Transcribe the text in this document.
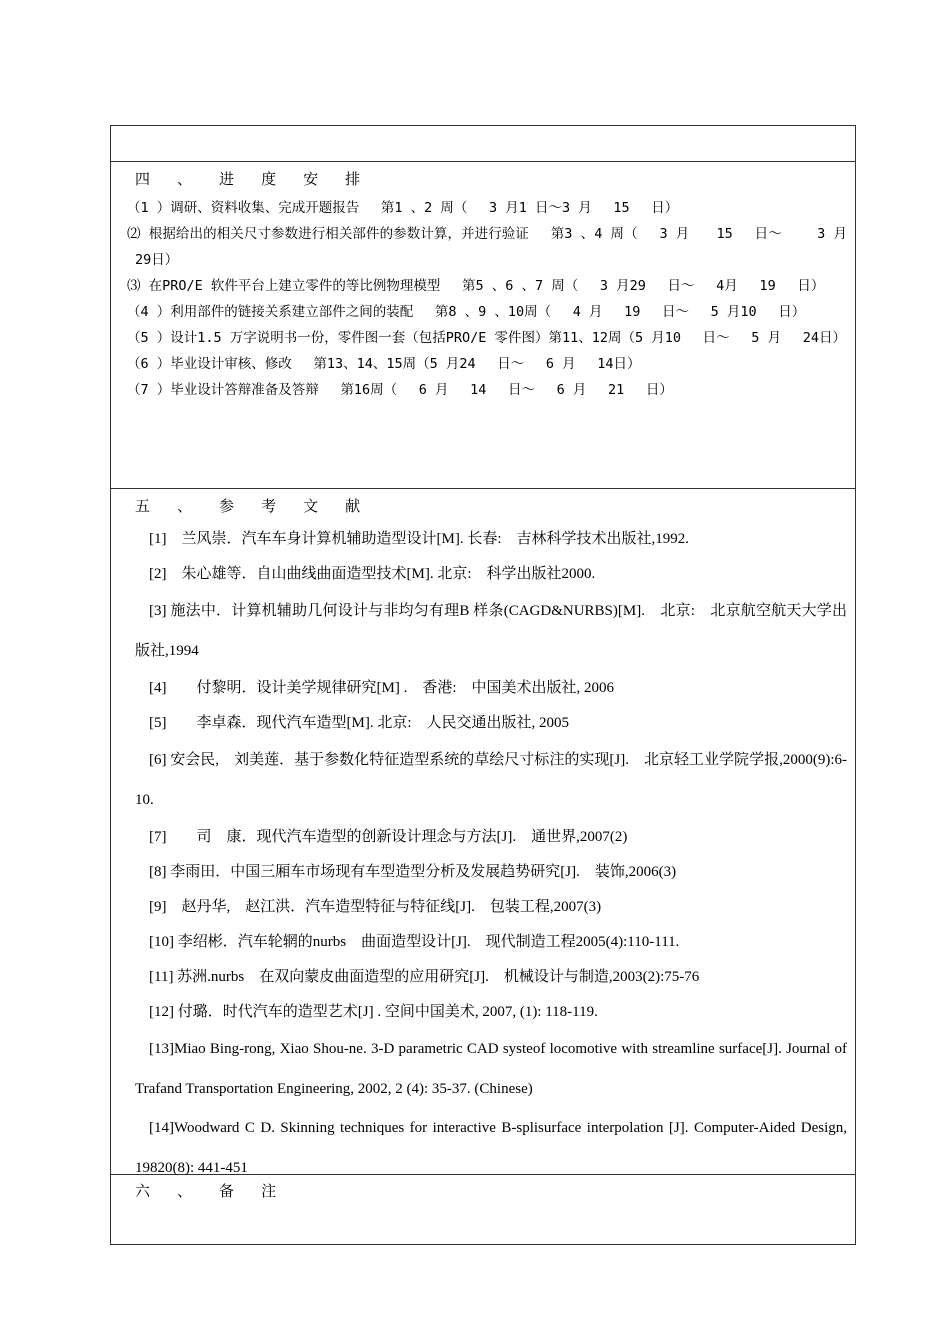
四 、 进 度 安 排
（1 ）调研、资料收集、完成开题报告　 第1 、2 周（　 3 月1 日～3 月　 15　 日）
⑵ 根据给出的相关尺寸参数进行相关部件的参数计算，并进行验证　 第3 、4 周（　 3 月　　15　 日～　　 3 月29日）
⑶ 在PRO/E 软件平台上建立零件的等比例物理模型　 第5 、6 、7 周（　 3 月29　 日～　 4月　 19　 日）
（4 ）利用部件的链接关系建立部件之间的装配　 第8 、9 、10周（　 4 月　 19　 日～　 5 月10　 日）
（5 ）设计1.5 万字说明书一份，零件图一套（包括PRO/E 零件图）第11、12周（5 月10　 日～　 5 月　 24日）
（6 ）毕业设计审核、修改　 第13、14、15周（5 月24　 日～　 6 月　 14日）
（7 ）毕业设计答辩准备及答辩　 第16周（　 6 月　 14　 日～　 6 月　 21　 日）
五 、 参 考 文 献
[1]　兰风崇．汽车车身计算机辅助造型设计[M]. 长春:　吉林科学技术出版社,1992.
[2]　朱心雄等．自山曲线曲面造型技术[M]. 北京:　科学出版社2000.
[3] 施法中．计算机辅助几何设计与非均匀有理B 样条(CAGD&NURBS)[M].　北京:　北京航空航天大学出版社,1994
[4]　　付黎明．设计美学规律研究[M] .　香港:　中国美术出版社, 2006
[5]　　李卓森．现代汽车造型[M]. 北京:　人民交通出版社, 2005
[6] 安会民,　刘美莲．基于参数化特征造型系统的草绘尺寸标注的实现[J].　北京轻工业学院学报,2000(9):6-10.
[7]　　司　康．现代汽车造型的创新设计理念与方法[J].　通世界,2007(2)
[8] 李雨田．中国三厢车市场现有车型造型分析及发展趋势研究[J].　装饰,2006(3)
[9]　赵丹华,　赵江洪．汽车造型特征与特征线[J].　包装工程,2007(3)
[10] 李绍彬．汽车轮辋的nurbs　曲面造型设计[J].　现代制造工程2005(4):110-111.
[11] 苏洲.nurbs　在双向蒙皮曲面造型的应用研究[J].　机械设计与制造,2003(2):75-76
[12] 付璐．时代汽车的造型艺术[J] . 空间中国美术, 2007, (1): 118-119.
[13]Miao Bing-rong, Xiao Shou-ne. 3-D parametric CAD systeof locomotive with streamline surface[J]. Journal of Trafand Transportation Engineering, 2002, 2 (4): 35-37. (Chinese)
[14]Woodward C D. Skinning techniques for interactive B-splisurface interpolation [J]. Computer-Aided Design, 19820(8): 441-451
六 、 备 注
